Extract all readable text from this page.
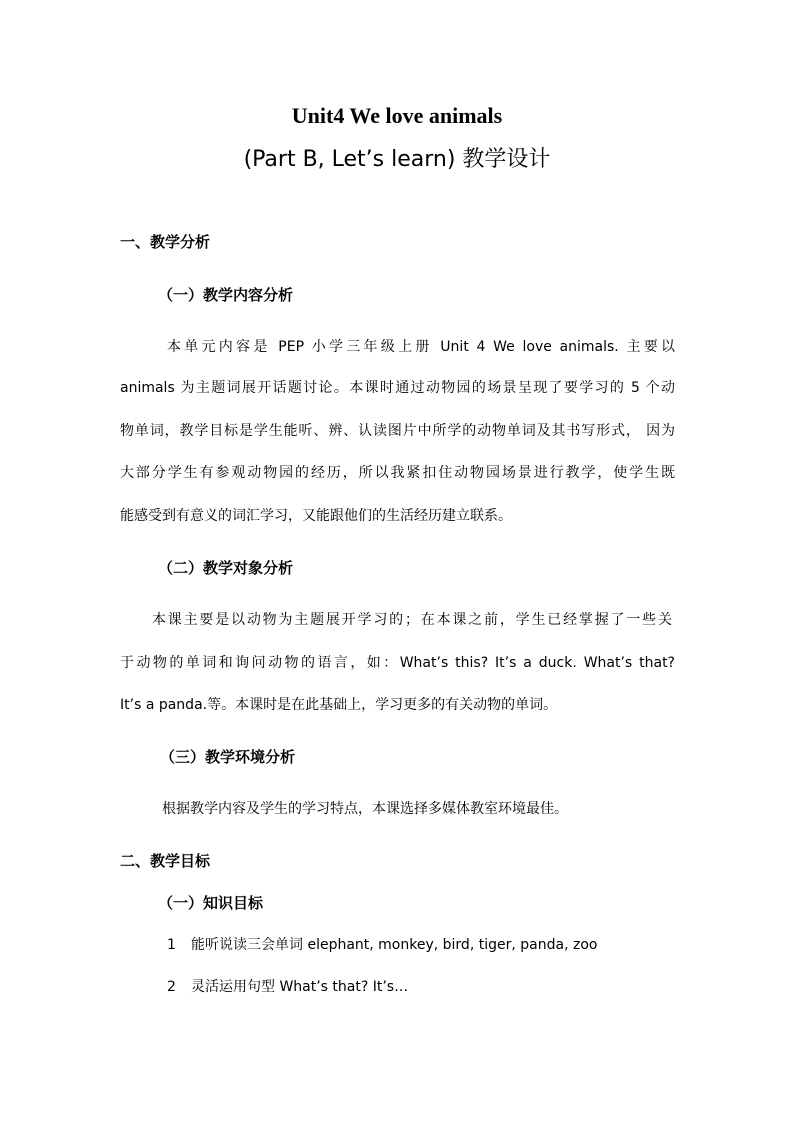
Unit4 We love animals
(Part B, Let’s learn) 教学设计
一、教学分析
（一）教学内容分析
本单元内容是 PEP 小学三年级上册 Unit 4 We love animals. 主要以
animals 为主题词展开话题讨论。本课时通过动物园的场景呈现了要学习的 5 个动
物单词，教学目标是学生能听、辨、认读图片中所学的动物单词及其书写形式， 因为
大部分学生有参观动物园的经历，所以我紧扣住动物园场景进行教学，使学生既
能感受到有意义的词汇学习，又能跟他们的生活经历建立联系。
（二）教学对象分析
本课主要是以动物为主题展开学习的；在本课之前，学生已经掌握了一些关
于动物的单词和询问动物的语言，如：What’s this? It’s a duck. What’s that?
It’s a panda.等。本课时是在此基础上，学习更多的有关动物的单词。
（三）教学环境分析
根据教学内容及学生的学习特点，本课选择多媒体教室环境最佳。
二、教学目标
（一）知识目标
1 能听说读三会单词 elephant, monkey, bird, tiger, panda, zoo
2 灵活运用句型 What’s that? It’s…
